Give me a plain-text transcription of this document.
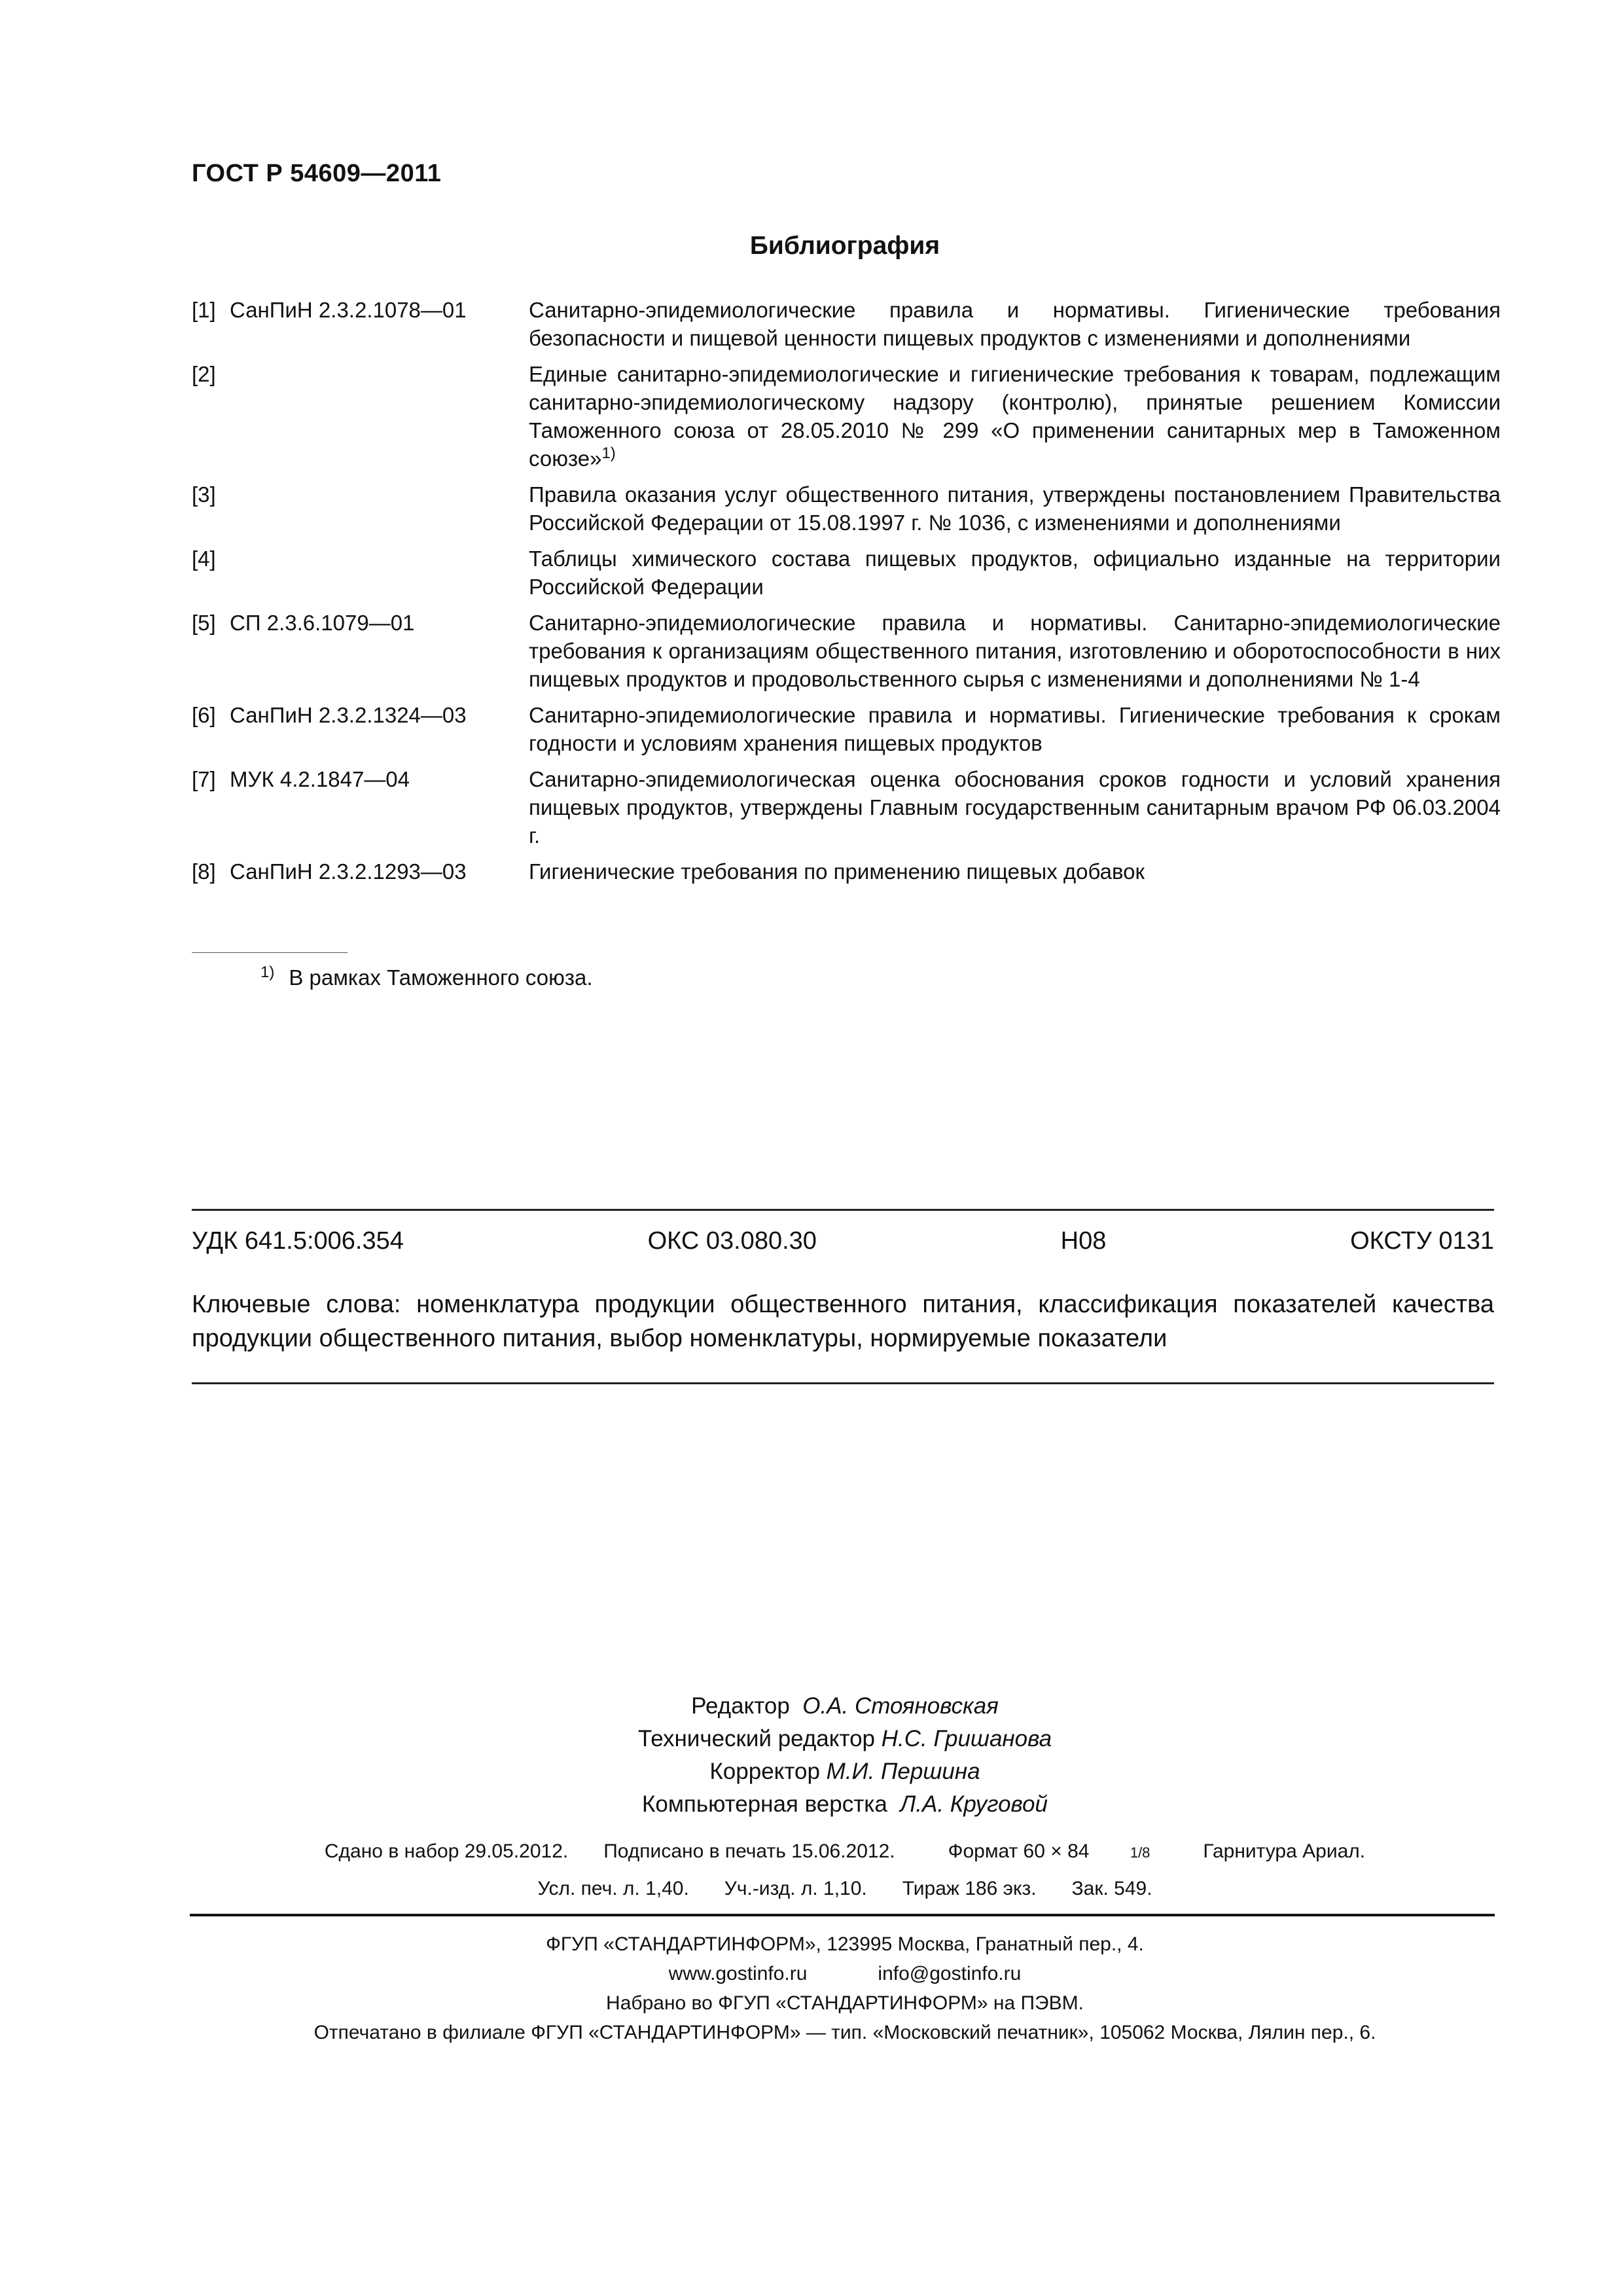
ГОСТ Р 54609—2011
Библиография
[1]	СанПиН 2.3.2.1078—01	Санитарно-эпидемиологические правила и нормативы. Гигиенические требования безопасности и пищевой ценности пищевых продуктов с изменениями и дополнениями
[2]		Единые санитарно-эпидемиологические и гигиенические требования к товарам, подлежащим санитарно-эпидемиологическому надзору (контролю), принятые решением Комиссии Таможенного союза от 28.05.2010 № 299 «О применении санитарных мер в Таможенном союзе»$^{1)}$
[3]		Правила оказания услуг общественного питания, утверждены постановлением Правительства Российской Федерации от 15.08.1997 г. № 1036, с изменениями и дополнениями
[4]		Таблицы химического состава пищевых продуктов, официально изданные на территории Российской Федерации
[5]	СП 2.3.6.1079—01	Санитарно-эпидемиологические правила и нормативы. Санитарно-эпидемиологические требования к организациям общественного питания, изготовлению и оборотоспособности в них пищевых продуктов и продовольственного сырья с изменениями и дополнениями № 1-4
[6]	СанПиН 2.3.2.1324—03	Санитарно-эпидемиологические правила и нормативы. Гигиенические требования к срокам годности и условиям хранения пищевых продуктов
[7]	МУК 4.2.1847—04	Санитарно-эпидемиологическая оценка обоснования сроков годности и условий хранения пищевых продуктов, утверждены Главным государственным санитарным врачом РФ 06.03.2004 г.
[8]	СанПиН 2.3.2.1293—03	Гигиенические требования по применению пищевых добавок
$^{1)}$ В рамках Таможенного союза.
УДК 641.5:006.354	ОКС 03.080.30	Н08	ОКСТУ 0131
Ключевые слова: номенклатура продукции общественного питания, классификация показателей качества продукции общественного питания, выбор номенклатуры, нормируемые показатели
Редактор О.А. Стояновская
Технический редактор Н.С. Гришанова
Корректор М.И. Першина
Компьютерная верстка Л.А. Круговой
Сдано в набор 29.05.2012. Подписано в печать 15.06.2012.	Формат 60 × 84	1/8	Гарнитура Ариал.
Усл. печ. л. 1,40. Уч.-изд. л. 1,10. Тираж 186 экз. Зак. 549.
ФГУП «СТАНДАРТИНФОРМ», 123995 Москва, Гранатный пер., 4.
www.gostinfo.ru	info@gostinfo.ru
Набрано во ФГУП «СТАНДАРТИНФОРМ» на ПЭВМ.
Отпечатано в филиале ФГУП «СТАНДАРТИНФОРМ» — тип. «Московский печатник», 105062 Москва, Лялин пер., 6.
